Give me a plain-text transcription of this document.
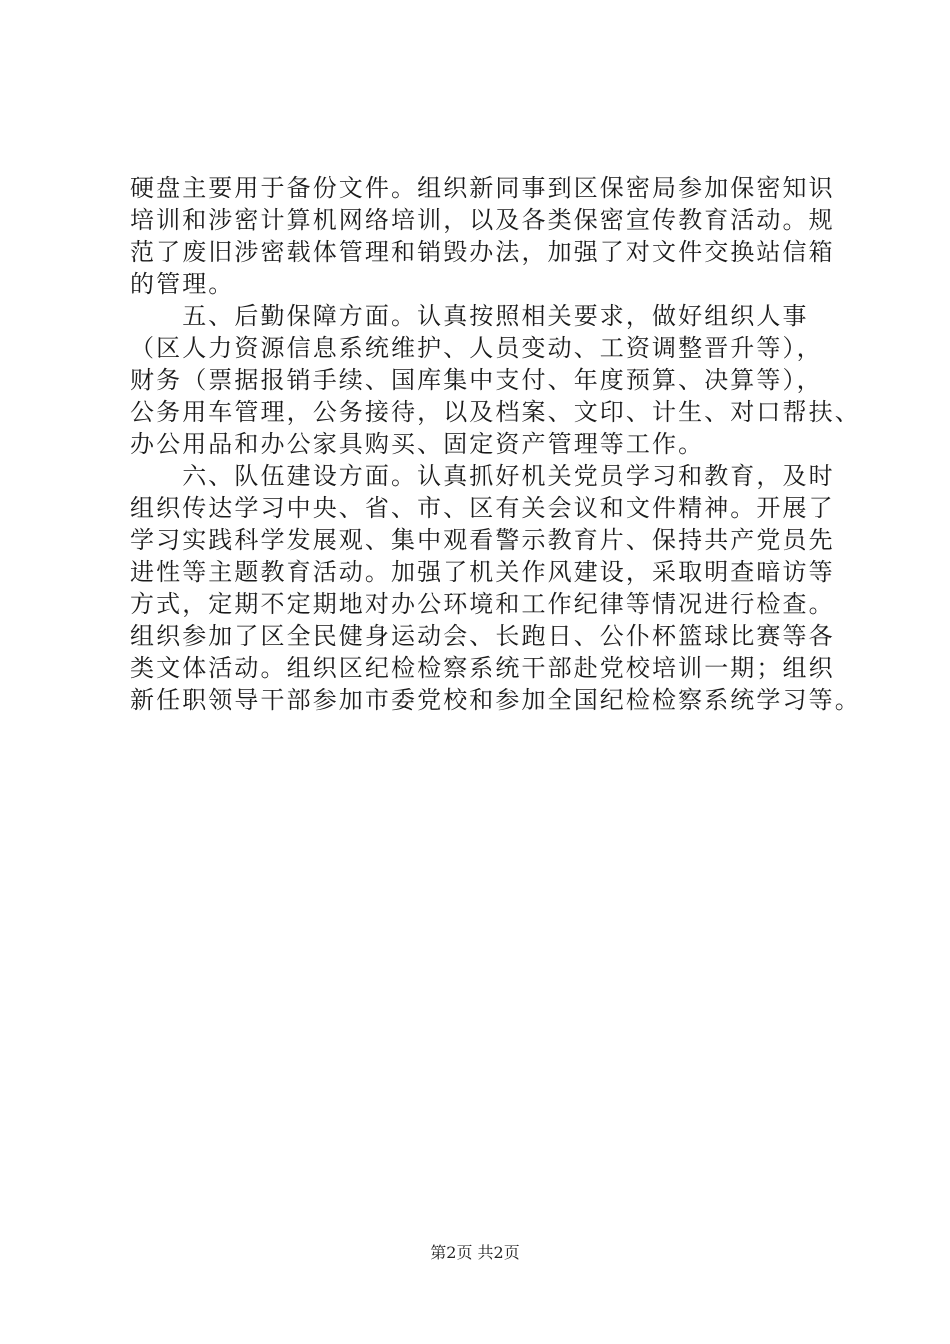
硬盘主要用于备份文件。组织新同事到区保密局参加保密知识
培训和涉密计算机网络培训，以及各类保密宣传教育活动。规
范了废旧涉密载体管理和销毁办法，加强了对文件交换站信箱
的管理。
　　五、后勤保障方面。认真按照相关要求，做好组织人事
（区人力资源信息系统维护、人员变动、工资调整晋升等），
财务（票据报销手续、国库集中支付、年度预算、决算等），
公务用车管理，公务接待，以及档案、文印、计生、对口帮扶、
办公用品和办公家具购买、固定资产管理等工作。
　　六、队伍建设方面。认真抓好机关党员学习和教育，及时
组织传达学习中央、省、市、区有关会议和文件精神。开展了
学习实践科学发展观、集中观看警示教育片、保持共产党员先
进性等主题教育活动。加强了机关作风建设，采取明查暗访等
方式，定期不定期地对办公环境和工作纪律等情况进行检查。
组织参加了区全民健身运动会、长跑日、公仆杯篮球比赛等各
类文体活动。组织区纪检检察系统干部赴党校培训一期；组织
新任职领导干部参加市委党校和参加全国纪检检察系统学习等。
第2页 共2页
